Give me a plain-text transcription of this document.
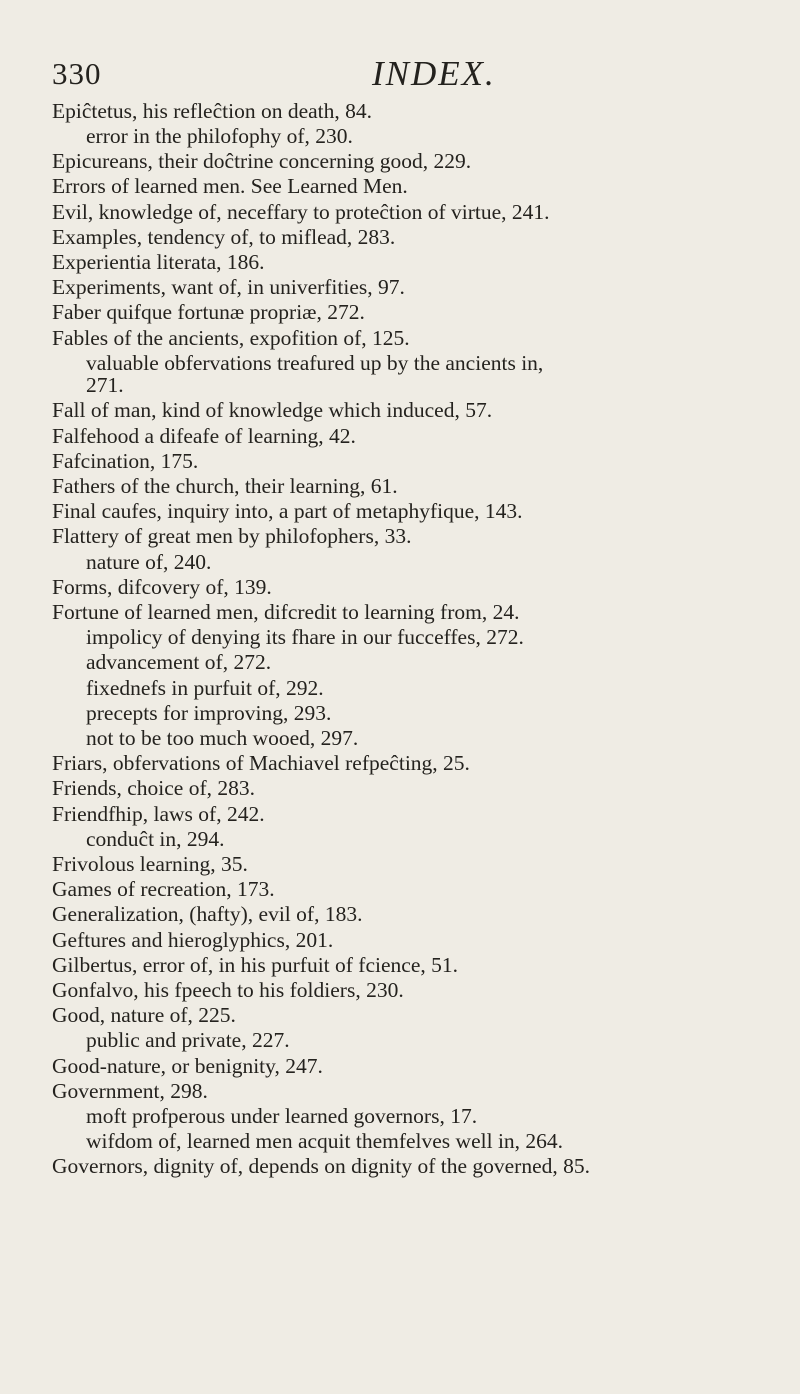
330	INDEX.
Epiĉtetus, his refleĉtion on death, 84.
error in the philofophy of, 230.
Epicureans, their doĉtrine concerning good, 229.
Errors of learned men. See Learned Men.
Evil, knowledge of, neceffary to proteĉtion of virtue, 241.
Examples, tendency of, to miflead, 283.
Experientia literata, 186.
Experiments, want of, in univerfities, 97.
Faber quifque fortunæ propriæ, 272.
Fables of the ancients, expofition of, 125.
valuable obfervations treafured up by the ancients in,
271.
Fall of man, kind of knowledge which induced, 57.
Falfehood a difeafe of learning, 42.
Fafcination, 175.
Fathers of the church, their learning, 61.
Final caufes, inquiry into, a part of metaphyfique, 143.
Flattery of great men by philofophers, 33.
nature of, 240.
Forms, difcovery of, 139.
Fortune of learned men, difcredit to learning from, 24.
impolicy of denying its fhare in our fucceffes, 272.
advancement of, 272.
fixednefs in purfuit of, 292.
precepts for improving, 293.
not to be too much wooed, 297.
Friars, obfervations of Machiavel refpeĉting, 25.
Friends, choice of, 283.
Friendfhip, laws of, 242.
conduĉt in, 294.
Frivolous learning, 35.
Games of recreation, 173.
Generalization, (hafty), evil of, 183.
Geftures and hieroglyphics, 201.
Gilbertus, error of, in his purfuit of fcience, 51.
Gonfalvo, his fpeech to his foldiers, 230.
Good, nature of, 225.
public and private, 227.
Good-nature, or benignity, 247.
Government, 298.
moft profperous under learned governors, 17.
wifdom of, learned men acquit themfelves well in, 264.
Governors, dignity of, depends on dignity of the governed, 85.
